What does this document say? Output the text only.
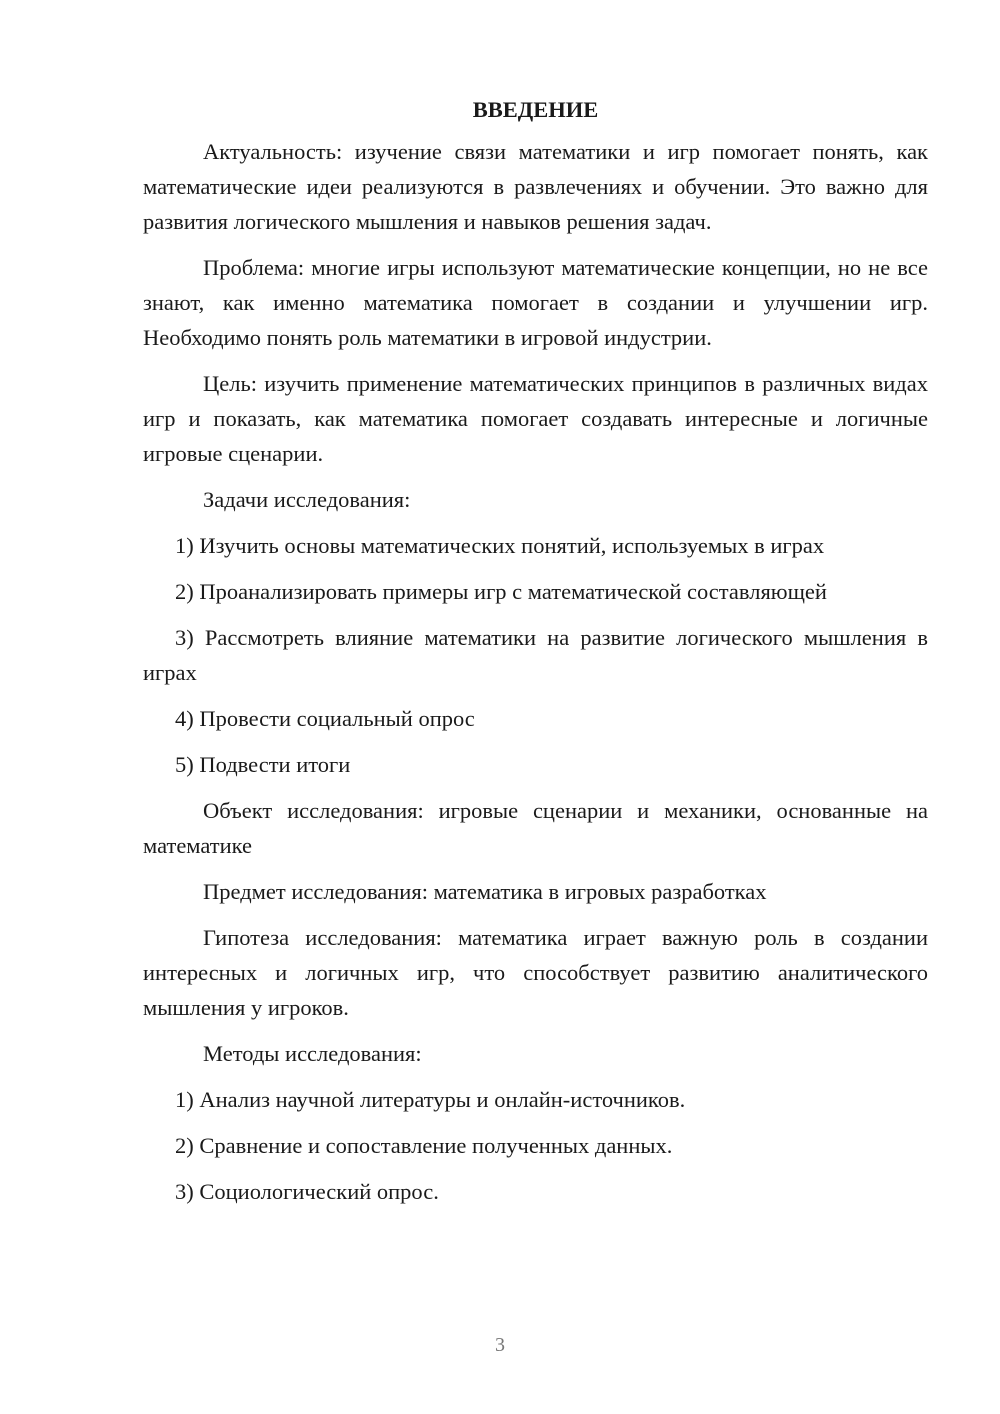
ВВЕДЕНИЕ

Актуальность: изучение связи математики и игр помогает понять, как математические идеи реализуются в развлечениях и обучении. Это важно для развития логического мышления и навыков решения задач.

Проблема: многие игры используют математические концепции, но не все знают, как именно математика помогает в создании и улучшении игр. Необходимо понять роль математики в игровой индустрии.

Цель: изучить применение математических принципов в различных видах игр и показать, как математика помогает создавать интересные и логичные игровые сценарии.

Задачи исследования:

1) Изучить основы математических понятий, используемых в играх

2) Проанализировать примеры игр с математической составляющей

3) Рассмотреть влияние математики на развитие логического мышления в играх

4) Провести социальный опрос

5) Подвести итоги

Объект исследования: игровые сценарии и механики, основанные на математике

Предмет исследования: математика в игровых разработках

Гипотеза исследования: математика играет важную роль в создании интересных и логичных игр, что способствует развитию аналитического мышления у игроков.

Методы исследования:

1) Анализ научной литературы и онлайн-источников.

2) Сравнение и сопоставление полученных данных.

3) Социологический опрос.

3
